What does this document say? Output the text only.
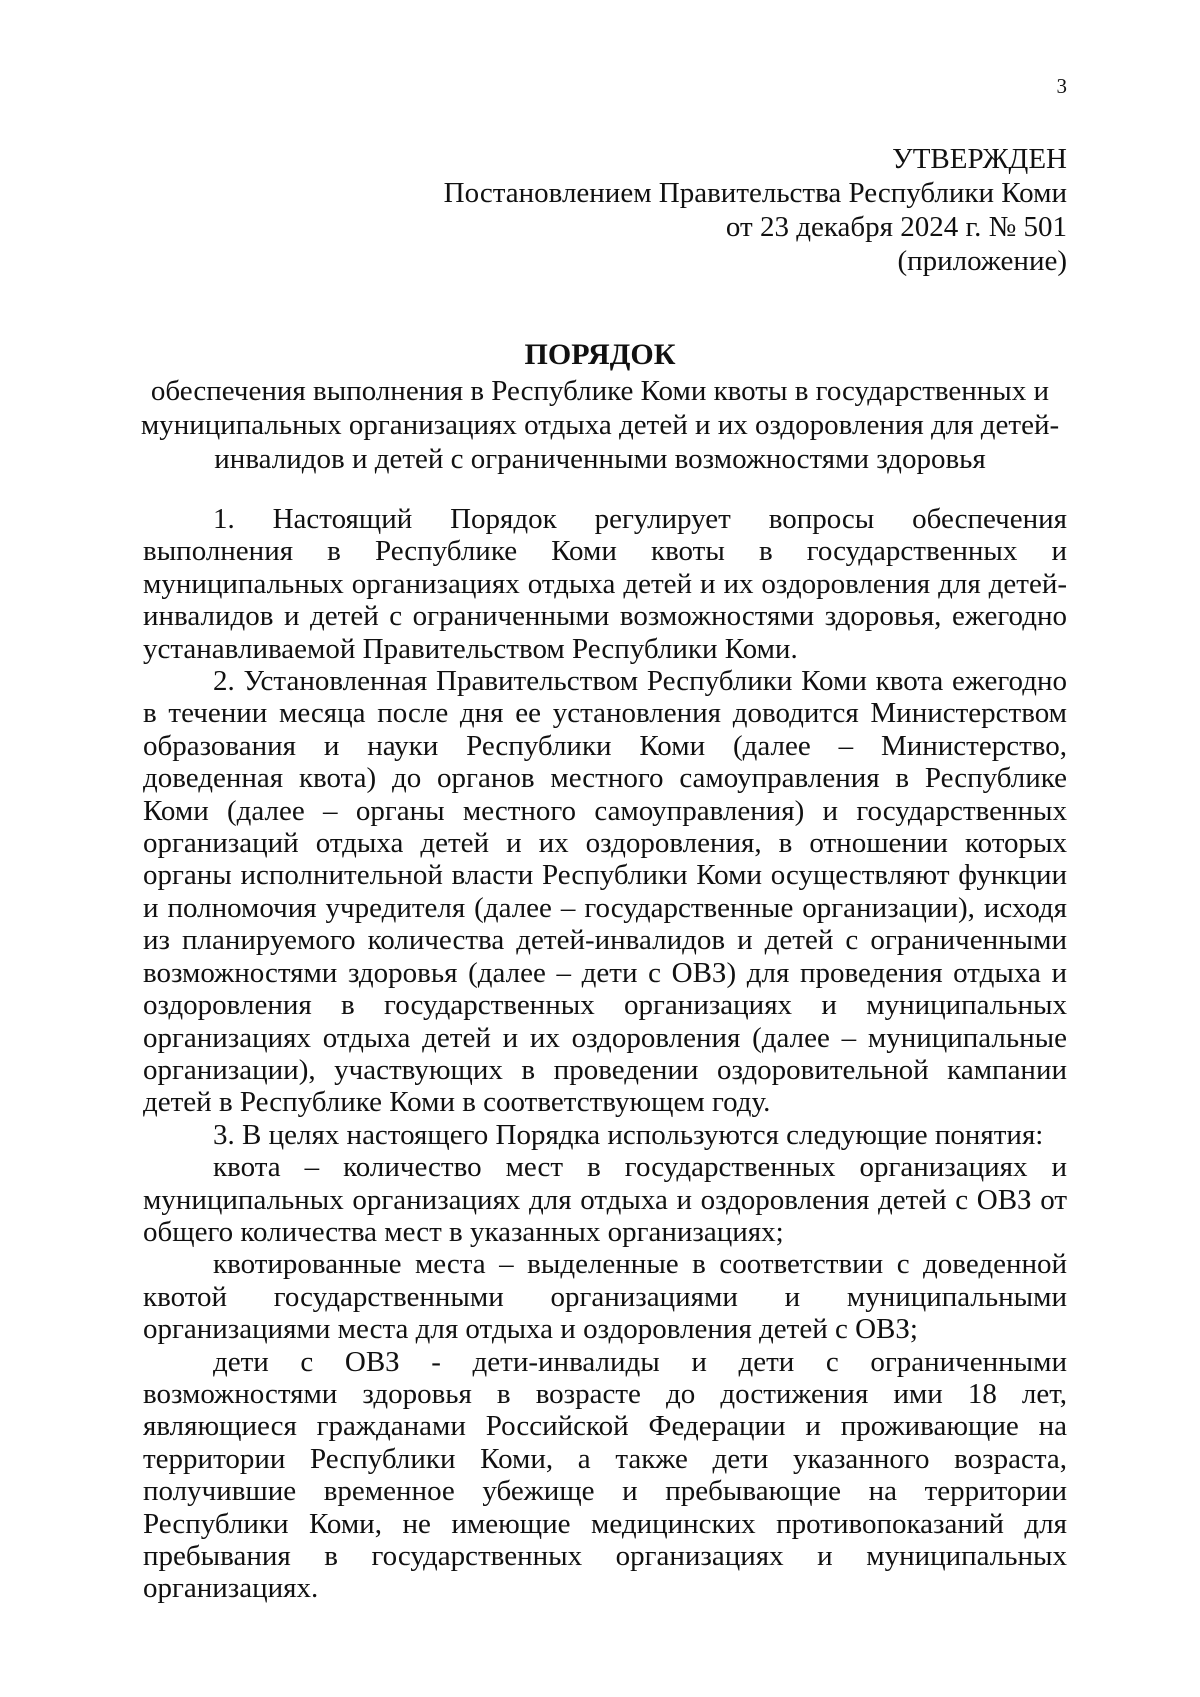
3
УТВЕРЖДЕН
Постановлением Правительства Республики Коми
от 23 декабря 2024 г. № 501
(приложение)
ПОРЯДОК
обеспечения выполнения в Республике Коми квоты в государственных и муниципальных организациях отдыха детей и их оздоровления для детей-инвалидов и детей с ограниченными возможностями здоровья

1. Настоящий Порядок регулирует вопросы обеспечения выполнения в Республике Коми квоты в государственных и муниципальных организациях отдыха детей и их оздоровления для детей-инвалидов и детей с ограниченными возможностями здоровья, ежегодно устанавливаемой Правительством Республики Коми.

2. Установленная Правительством Республики Коми квота ежегодно в течении месяца после дня ее установления доводится Министерством образования и науки Республики Коми (далее – Министерство, доведенная квота) до органов местного самоуправления в Республике Коми (далее – органы местного самоуправления) и государственных организаций отдыха детей и их оздоровления, в отношении которых органы исполнительной власти Республики Коми осуществляют функции и полномочия учредителя (далее – государственные организации), исходя из планируемого количества детей-инвалидов и детей с ограниченными возможностями здоровья (далее – дети с ОВЗ) для проведения отдыха и оздоровления в государственных организациях и муниципальных организациях отдыха детей и их оздоровления (далее – муниципальные организации), участвующих в проведении оздоровительной кампании детей в Республике Коми в соответствующем году.

3. В целях настоящего Порядка используются следующие понятия:

квота – количество мест в государственных организациях и муниципальных организациях для отдыха и оздоровления детей с ОВЗ от общего количества мест в указанных организациях;

квотированные места – выделенные в соответствии с доведенной квотой государственными организациями и муниципальными организациями места для отдыха и оздоровления детей с ОВЗ;

дети с ОВЗ - дети-инвалиды и дети с ограниченными возможностями здоровья в возрасте до достижения ими 18 лет, являющиеся гражданами Российской Федерации и проживающие на территории Республики Коми, а также дети указанного возраста, получившие временное убежище и пребывающие на территории Республики Коми, не имеющие медицинских противопоказаний для пребывания в государственных организациях и муниципальных организациях.
